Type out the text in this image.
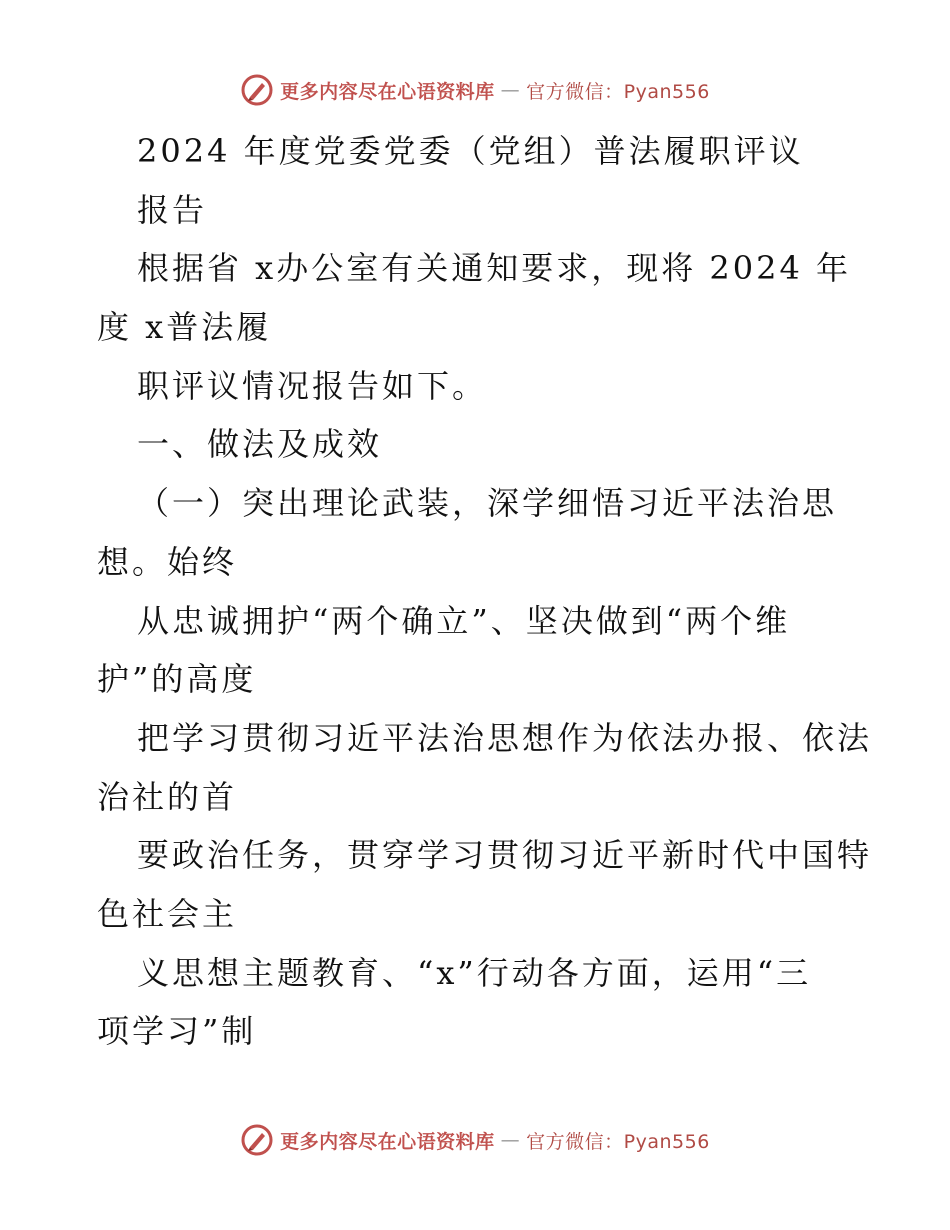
更多内容尽在心语资料库 — 官方微信：Pyan556
2024 年度党委党委（党组）普法履职评议
报告
根据省 x办公室有关通知要求，现将 2024 年
度 x普法履
职评议情况报告如下。
一、做法及成效
（一）突出理论武装，深学细悟习近平法治思
想。始终
从忠诚拥护“两个确立”、坚决做到“两个维
护”的高度
把学习贯彻习近平法治思想作为依法办报、依法
治社的首
要政治任务，贯穿学习贯彻习近平新时代中国特
色社会主
义思想主题教育、“x”行动各方面，运用“三
项学习”制
更多内容尽在心语资料库 — 官方微信：Pyan556
